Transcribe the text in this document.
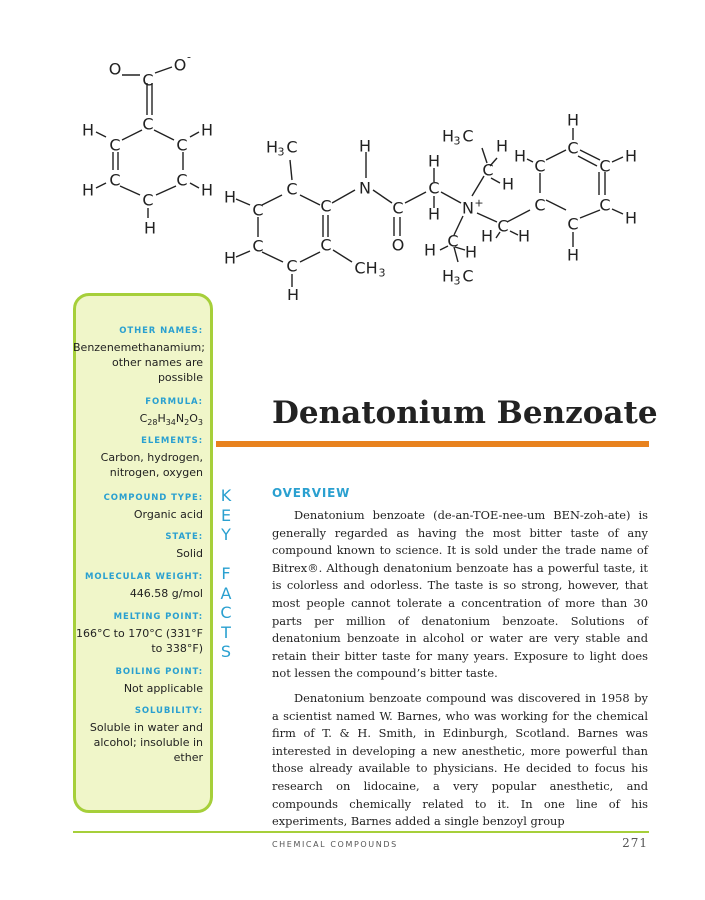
O	O -
C
C
C	C
C	C
C
H	H
H	H
H
H 3 C
C
C	C
C	C
C
H
H
H
CH 3
N
H
C
O
C
H
H N +
H 3 C
H
C
H
C
H H
H 3 C
C
H H
C
C
H	C
H
C
H
C
H
C
H
OTHER NAMES:
Benzenemethanamium;
other names are
possible
FORMULA:
$C_{28}H_{34}N_2O_3$
ELEMENTS:
Carbon, hydrogen,
nitrogen, oxygen
COMPOUND TYPE:
Organic acid
STATE:
Solid
MOLECULAR WEIGHT:
446.58 g/mol
MELTING POINT:
166°C to 170°C (331°F
to 338°F)
BOILING POINT:
Not applicable
SOLUBILITY:
Soluble in water and
alcohol; insoluble in
ether
K
E
Y

F
A
C
T
S
Denatonium Benzoate
OVERVIEW

Denatonium benzoate (de-an-TOE-nee-um BEN-zoh-ate) is generally regarded as having the most bitter taste of any compound known to science. It is sold under the trade name of Bitrex®. Although denatonium benzoate has a powerful taste, it is colorless and odorless. The taste is so strong, however, that most people cannot tolerate a concentration of more than 30 parts per million of denatonium benzoate. Solutions of denatonium benzoate in alcohol or water are very stable and retain their bitter taste for many years. Exposure to light does not lessen the compound’s bitter taste.

Denatonium benzoate compound was discovered in 1958 by a scientist named W. Barnes, who was working for the chemical firm of T. & H. Smith, in Edinburgh, Scotland. Barnes was interested in developing a new anesthetic, more powerful than those already available to physicians. He decided to focus his research on lidocaine, a very popular anesthetic, and compounds chemically related to it. In one line of his experiments, Barnes added a single benzoyl group

CHEMICAL COMPOUNDS	271
